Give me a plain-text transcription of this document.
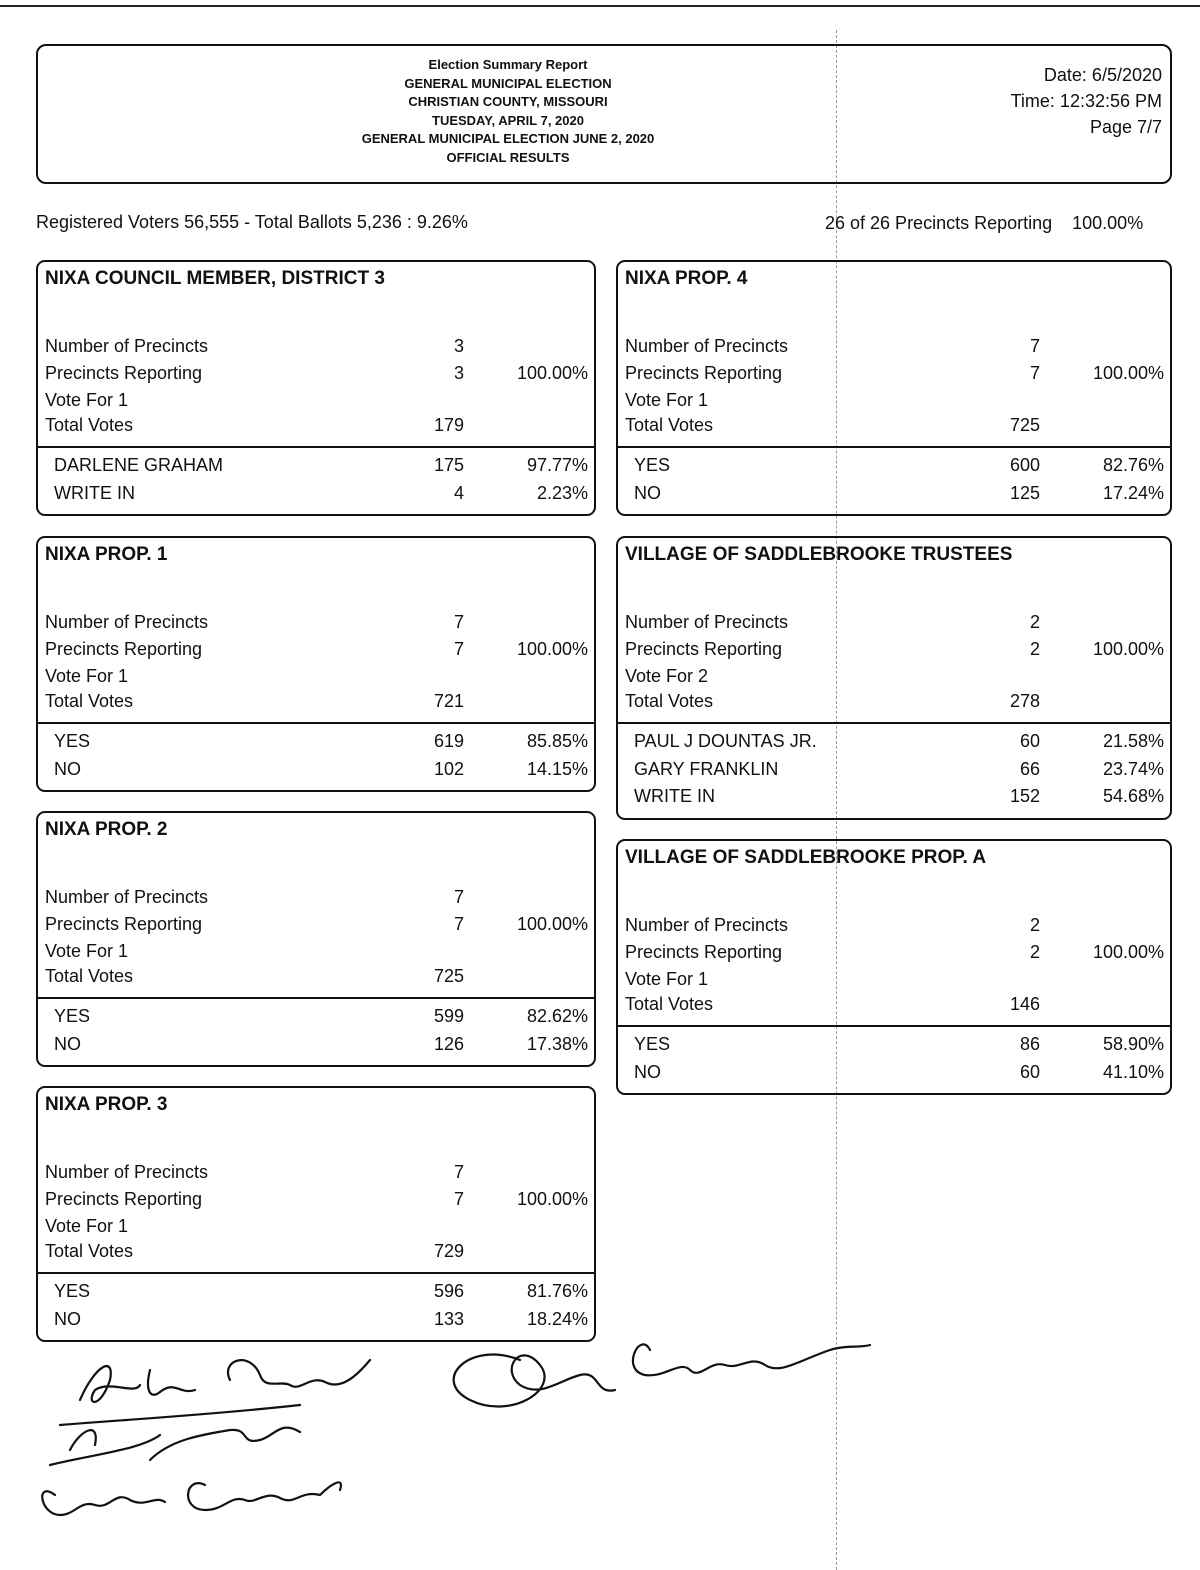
Election Summary Report
GENERAL MUNICIPAL ELECTION
CHRISTIAN COUNTY, MISSOURI
TUESDAY, APRIL 7, 2020
GENERAL MUNICIPAL ELECTION JUNE 2, 2020
OFFICIAL RESULTS
Date: 6/5/2020
Time: 12:32:56 PM
Page 7/7
Registered Voters 56,555 - Total Ballots 5,236 : 9.26%	26 of 26 Precincts Reporting 100.00%
NIXA COUNCIL MEMBER, DISTRICT 3
Number of Precincts	3
Precincts Reporting	3	100.00%
Vote For 1
Total Votes	179
DARLENE GRAHAM	175	97.77%
WRITE IN	4	2.23%
NIXA PROP. 1
Number of Precincts	7
Precincts Reporting	7	100.00%
Vote For 1
Total Votes	721
YES	619	85.85%
NO	102	14.15%
NIXA PROP. 2
Number of Precincts	7
Precincts Reporting	7	100.00%
Vote For 1
Total Votes	725
YES	599	82.62%
NO	126	17.38%
NIXA PROP. 3
Number of Precincts	7
Precincts Reporting	7	100.00%
Vote For 1
Total Votes	729
YES	596	81.76%
NO	133	18.24%
NIXA PROP. 4
Number of Precincts	7
Precincts Reporting	7	100.00%
Vote For 1
Total Votes	725
YES	600	82.76%
NO	125	17.24%
VILLAGE OF SADDLEBROOKE TRUSTEES
Number of Precincts	2
Precincts Reporting	2	100.00%
Vote For 2
Total Votes	278
PAUL J DOUNTAS JR.	60	21.58%
GARY FRANKLIN	66	23.74%
WRITE IN	152	54.68%
VILLAGE OF SADDLEBROOKE PROP. A
Number of Precincts	2
Precincts Reporting	2	100.00%
Vote For 1
Total Votes	146
YES	86	58.90%
NO	60	41.10%
